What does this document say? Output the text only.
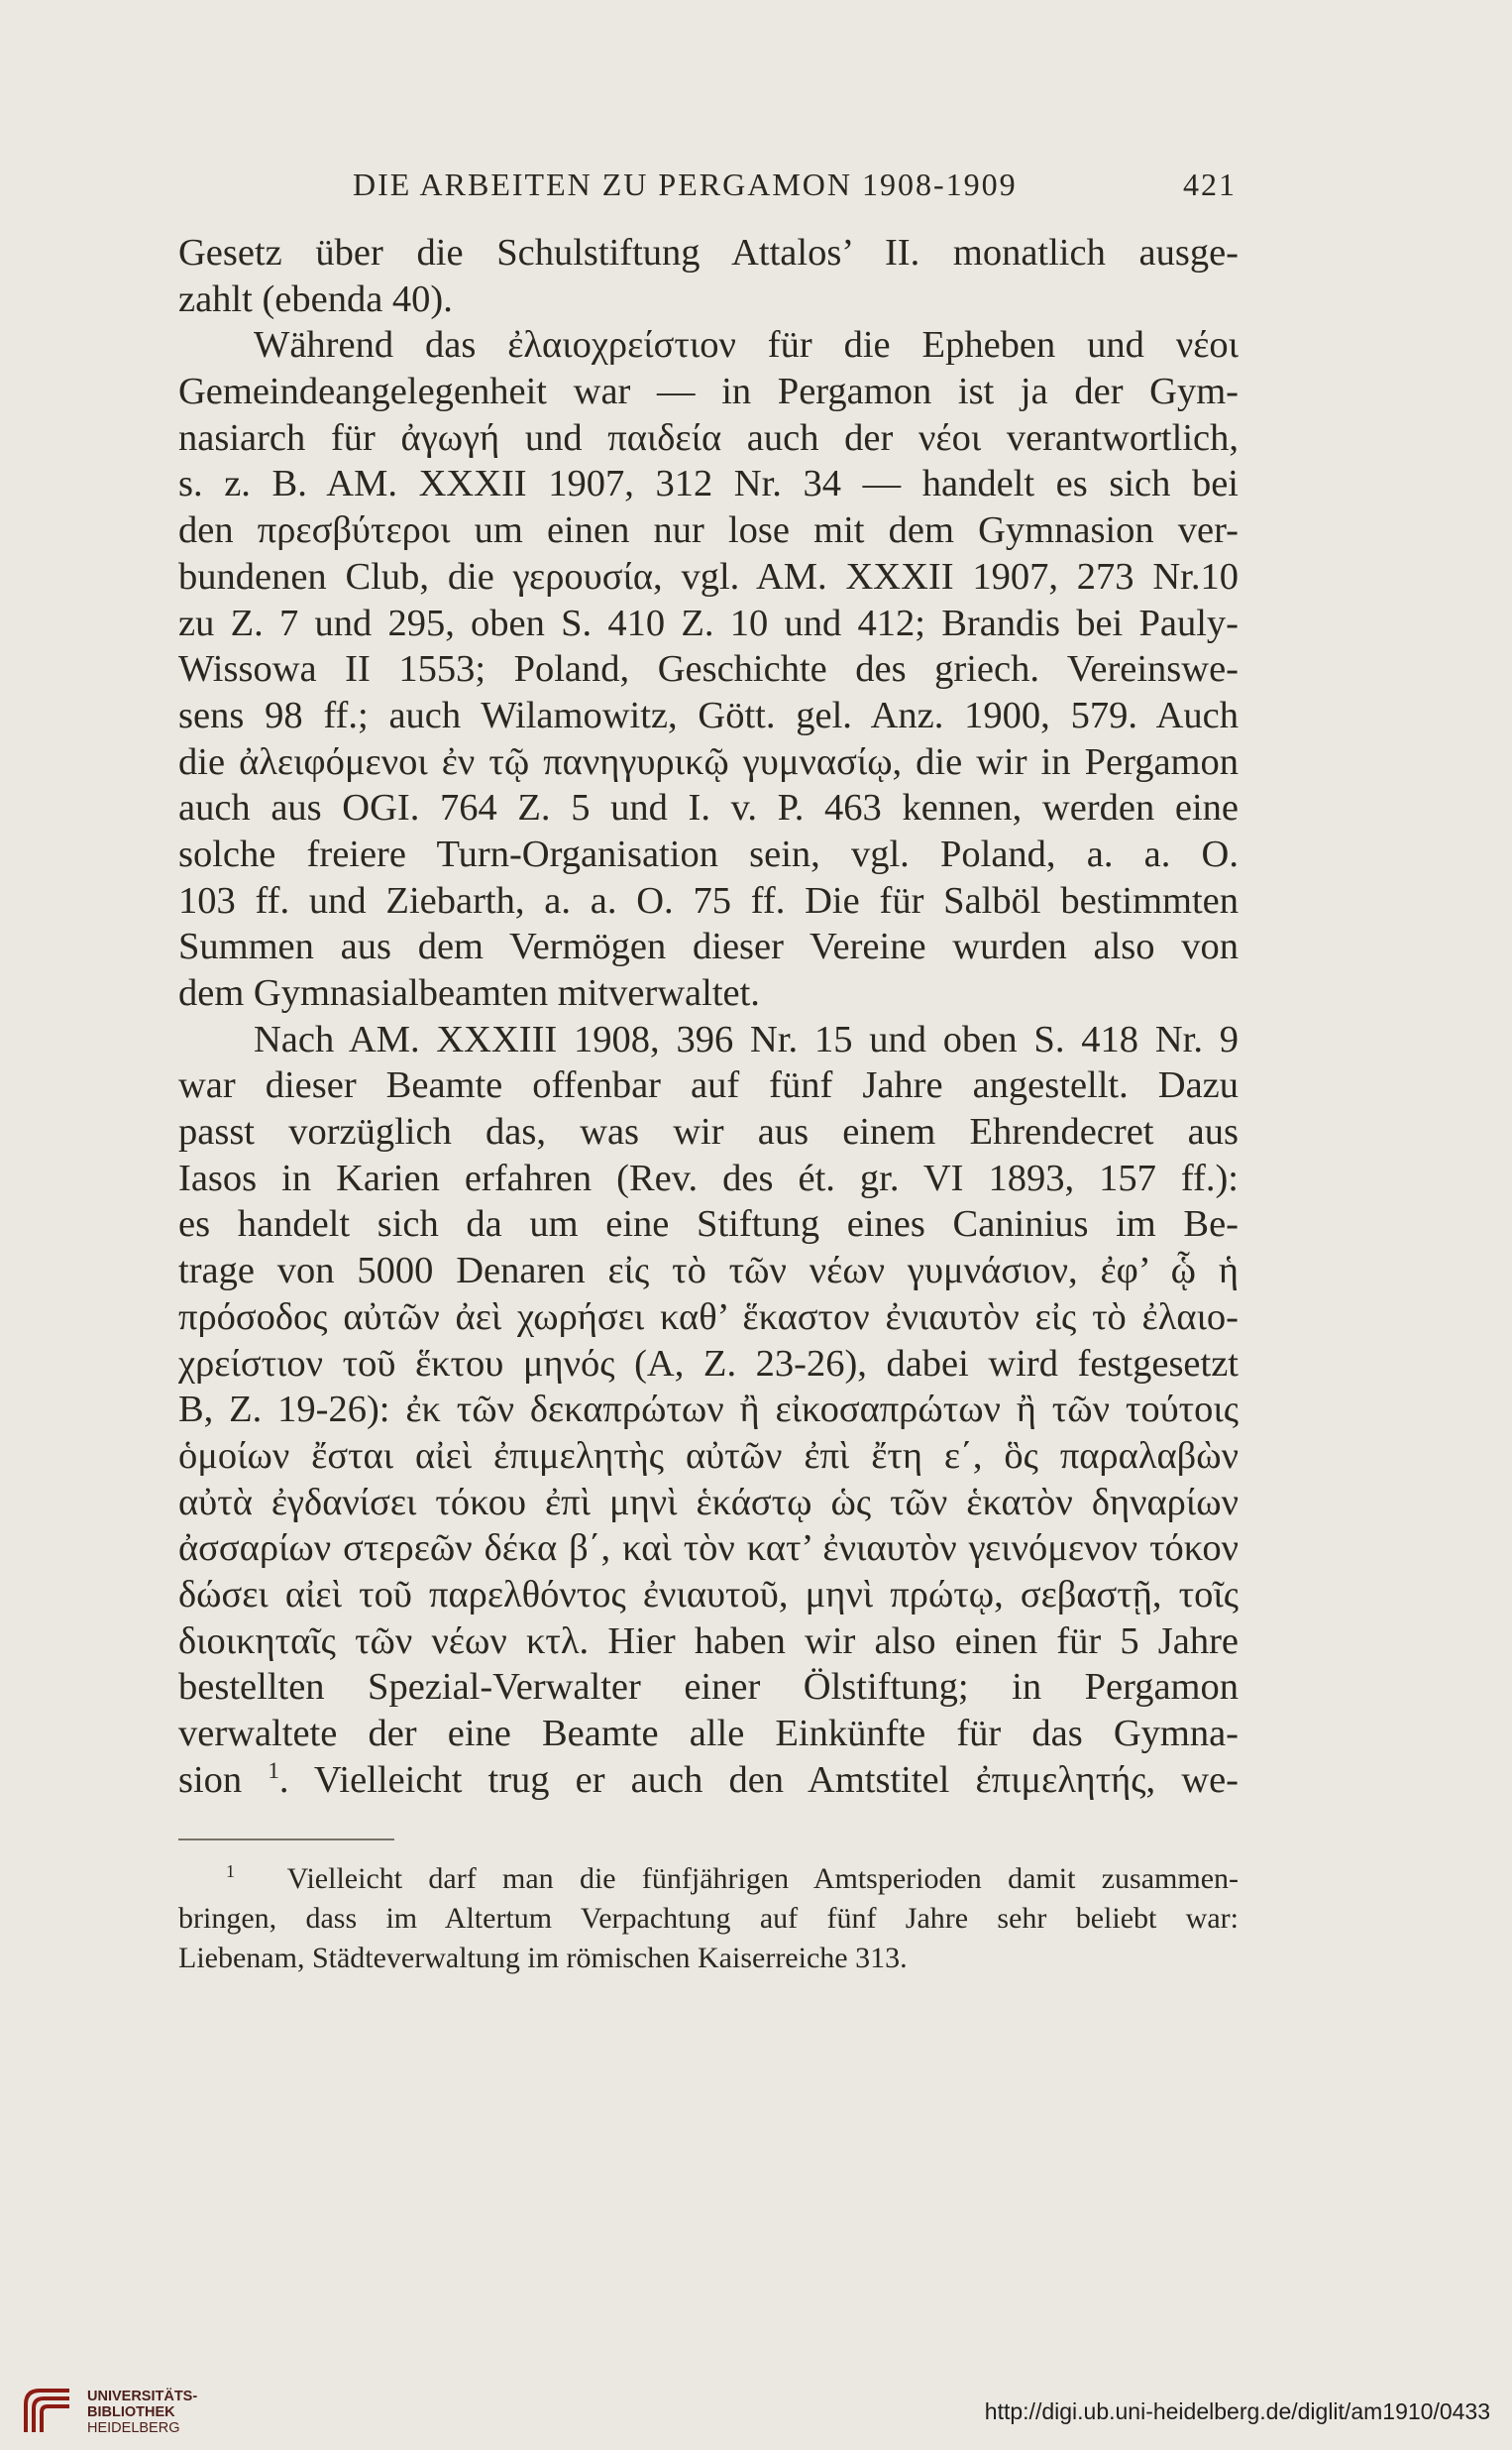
DIE ARBEITEN ZU PERGAMON 1908-1909	421
Gesetz über die Schulstiftung Attalos’ II. monatlich ausge-
zahlt (ebenda 40).
Während das ἐλαιοχρείστιον für die Epheben und νέοι
Gemeindeangelegenheit war — in Pergamon ist ja der Gym-
nasiarch für ἀγωγή und παιδεία auch der νέοι verantwortlich,
s. z. B. AM. XXXII 1907, 312 Nr. 34 — handelt es sich bei
den πρεσβύτεροι um einen nur lose mit dem Gymnasion ver-
bundenen Club, die γερουσία, vgl. AM. XXXII 1907, 273 Nr.10
zu Z. 7 und 295, oben S. 410 Z. 10 und 412; Brandis bei Pauly-
Wissowa II 1553; Poland, Geschichte des griech. Vereinswe-
sens 98 ff.; auch Wilamowitz, Gött. gel. Anz. 1900, 579. Auch
die ἀλειφόμενοι ἐν τῷ πανηγυρικῷ γυμνασίῳ, die wir in Pergamon
auch aus OGI. 764 Z. 5 und I. v. P. 463 kennen, werden eine
solche freiere Turn-Organisation sein, vgl. Poland, a. a. O.
103 ff. und Ziebarth, a. a. O. 75 ff. Die für Salböl bestimmten
Summen aus dem Vermögen dieser Vereine wurden also von
dem Gymnasialbeamten mitverwaltet.
Nach AM. XXXIII 1908, 396 Nr. 15 und oben S. 418 Nr. 9
war dieser Beamte offenbar auf fünf Jahre angestellt. Dazu
passt vorzüglich das, was wir aus einem Ehrendecret aus
Iasos in Karien erfahren (Rev. des ét. gr. VI 1893, 157 ff.):
es handelt sich da um eine Stiftung eines Caninius im Be-
trage von 5000 Denaren εἰς τὸ τῶν νέων γυμνάσιον, ἐφ’ ᾧ ἡ
πρόσοδος αὐτῶν ἀεὶ χωρήσει καθ’ ἕκαστον ἐνιαυτὸν εἰς τὸ ἐλαιο-
χρείστιον τοῦ ἕκτου μηνός (A, Z. 23-26), dabei wird festgesetzt
B, Z. 19-26): ἐκ τῶν δεκαπρώτων ἢ εἰκοσαπρώτων ἢ τῶν τούτοις
ὁμοίων ἔσται αἰεὶ ἐπιμελητὴς αὐτῶν ἐπὶ ἔτη ε΄, ὃς παραλαβὼν
αὐτὰ ἐγδανίσει τόκου ἐπὶ μηνὶ ἑκάστῳ ὡς τῶν ἑκατὸν δηναρίων
ἀσσαρίων στερεῶν δέκα β΄, καὶ τὸν κατ’ ἐνιαυτὸν γεινόμενον τόκον
δώσει αἰεὶ τοῦ παρελθόντος ἐνιαυτοῦ, μηνὶ πρώτῳ, σεβαστῇ, τοῖς
διοικηταῖς τῶν νέων κτλ. Hier haben wir also einen für 5 Jahre
bestellten Spezial-Verwalter einer Ölstiftung; in Pergamon
verwaltete der eine Beamte alle Einkünfte für das Gymna-
sion $^1$. Vielleicht trug er auch den Amtstitel ἐπιμελητής, we-
$^1$ Vielleicht darf man die fünfjährigen Amtsperioden damit zusammen-
bringen, dass im Altertum Verpachtung auf fünf Jahre sehr beliebt war:
Liebenam, Städteverwaltung im römischen Kaiserreiche 313.
UNIVERSITÄTS-
BIBLIOTHEK
HEIDELBERG
http://digi.ub.uni-heidelberg.de/diglit/am1910/0433
